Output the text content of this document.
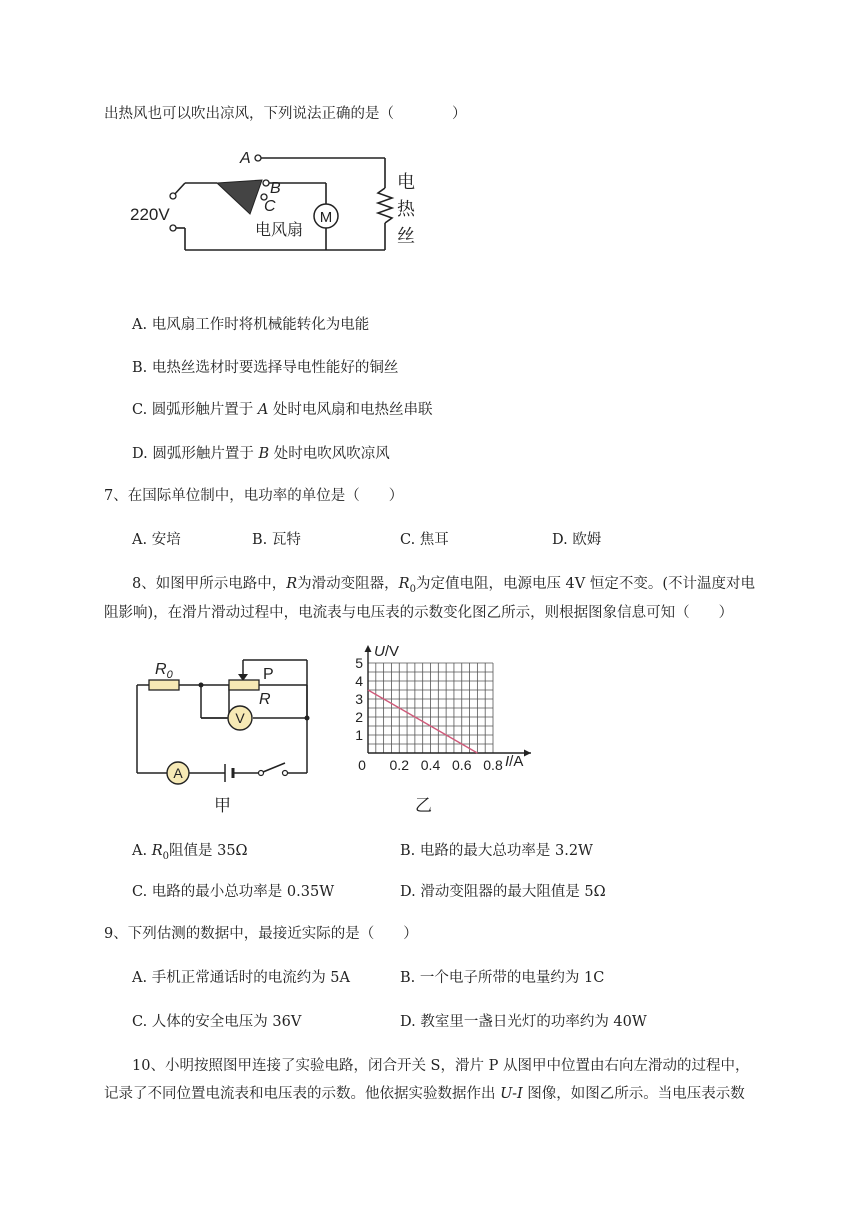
出热风也可以吹出凉风，下列说法正确的是（　　　　）
M
A
B
C
220V
电风扇
电
热
丝
A. 电风扇工作时将机械能转化为电能
B. 电热丝选材时要选择导电性能好的铜丝
C. 圆弧形触片置于 A 处时电风扇和电热丝串联
D. 圆弧形触片置于 B 处时电吹风吹凉风
7、在国际单位制中，电功率的单位是（　　）
A. 安培	B. 瓦特	C. 焦耳	D. 欧姆
8、如图甲所示电路中，R为滑动变阻器，$R_0$为定值电阻，电源电压 4V 恒定不变。(不计温度对电
阻影响)，在滑片滑动过程中，电流表与电压表的示数变化图乙所示，则根据图象信息可知（　　）
V
A
$R_0$	P
R
甲
0 0.2 0.4 0.6 0.8
1
2
3
4
5
I/A
U/V
乙
A. $R_0$阻值是 35Ω	B. 电路的最大总功率是 3.2W
C. 电路的最小总功率是 0.35W	D. 滑动变阻器的最大阻值是 5Ω
9、下列估测的数据中，最接近实际的是（　　）
A. 手机正常通话时的电流约为 5A	B. 一个电子所带的电量约为 1C
C. 人体的安全电压为 36V	D. 教室里一盏日光灯的功率约为 40W
10、小明按照图甲连接了实验电路，闭合开关 S，滑片 P 从图甲中位置由右向左滑动的过程中，
记录了不同位置电流表和电压表的示数。他依据实验数据作出 U-I 图像，如图乙所示。当电压表示数
